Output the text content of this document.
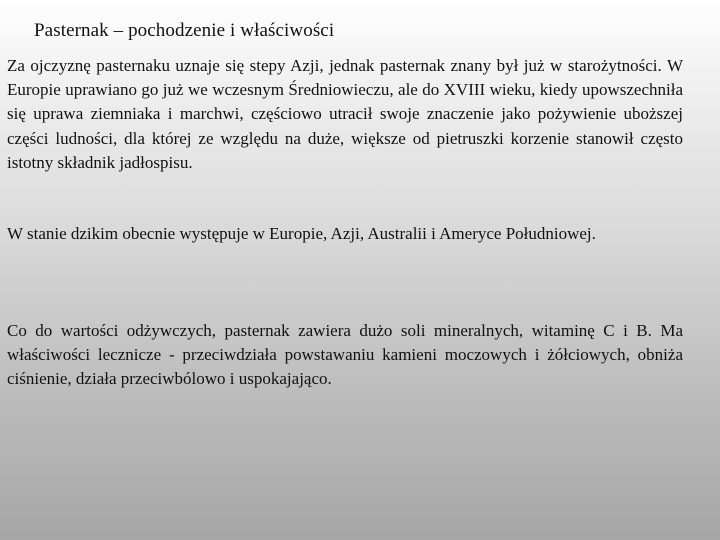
Pasternak – pochodzenie i właściwości

Za ojczyznę pasternaku uznaje się stepy Azji, jednak pasternak znany był już w starożytności. W Europie uprawiano go już we wczesnym Średniowieczu, ale do XVIII wieku, kiedy upowszechniła się uprawa ziemniaka i marchwi, częściowo utracił swoje znaczenie jako pożywienie uboższej części ludności, dla której ze względu na duże, większe od pietruszki korzenie stanowił często istotny składnik jadłospisu.

W stanie dzikim obecnie występuje w Europie, Azji, Australii i Ameryce Południowej.

Co do wartości odżywczych, pasternak zawiera dużo soli mineralnych, witaminę C i B. Ma właściwości lecznicze - przeciwdziała powstawaniu kamieni moczowych i żółciowych, obniża ciśnienie, działa przeciwbólowo i uspokajająco.
